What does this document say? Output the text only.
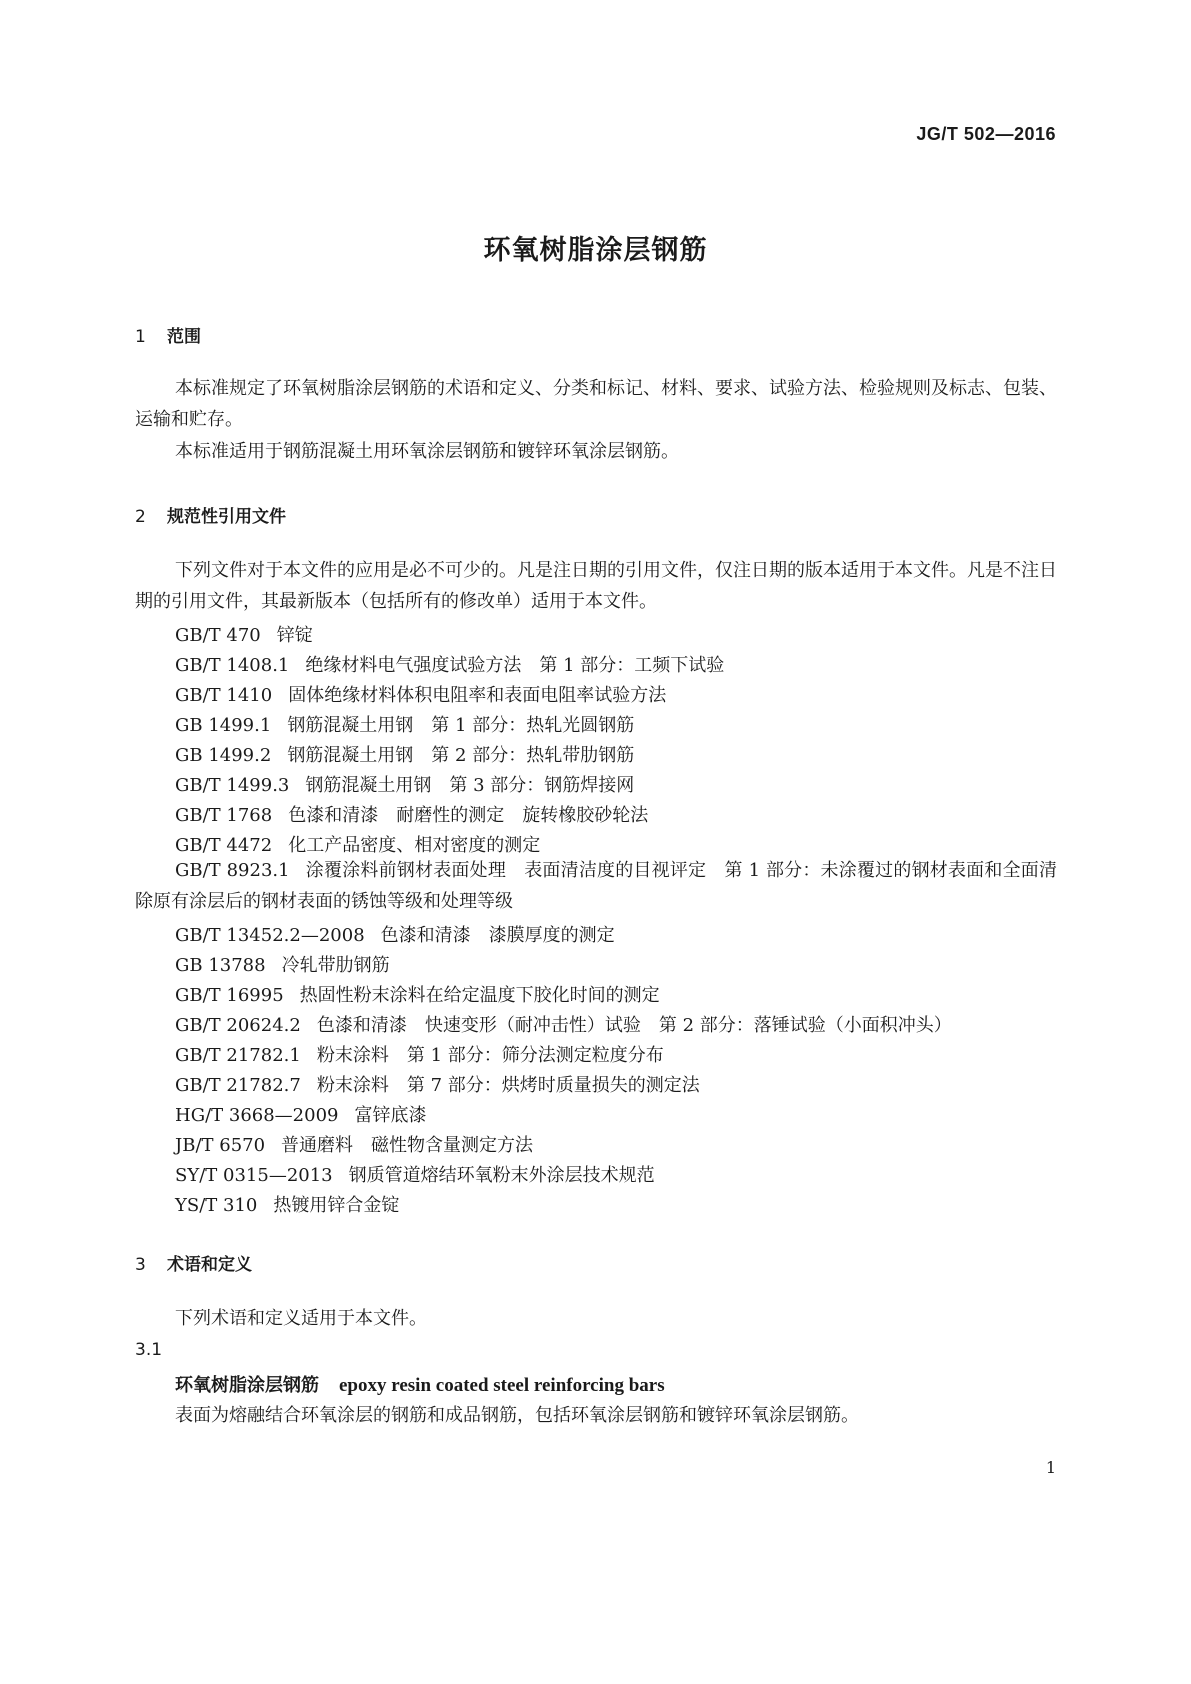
JG/T 502—2016
环氧树脂涂层钢筋
1 范围
本标准规定了环氧树脂涂层钢筋的术语和定义、分类和标记、材料、要求、试验方法、检验规则及标志、包装、运输和贮存。
本标准适用于钢筋混凝土用环氧涂层钢筋和镀锌环氧涂层钢筋。
2 规范性引用文件
下列文件对于本文件的应用是必不可少的。凡是注日期的引用文件，仅注日期的版本适用于本文件。凡是不注日期的引用文件，其最新版本（包括所有的修改单）适用于本文件。
GB/T 470 锌锭
GB/T 1408.1 绝缘材料电气强度试验方法　第 1 部分：工频下试验
GB/T 1410 固体绝缘材料体积电阻率和表面电阻率试验方法
GB 1499.1 钢筋混凝土用钢　第 1 部分：热轧光圆钢筋
GB 1499.2 钢筋混凝土用钢　第 2 部分：热轧带肋钢筋
GB/T 1499.3 钢筋混凝土用钢　第 3 部分：钢筋焊接网
GB/T 1768 色漆和清漆　耐磨性的测定　旋转橡胶砂轮法
GB/T 4472 化工产品密度、相对密度的测定
GB/T 8923.1 涂覆涂料前钢材表面处理　表面清洁度的目视评定　第 1 部分：未涂覆过的钢材表面和全面清除原有涂层后的钢材表面的锈蚀等级和处理等级
GB/T 13452.2—2008 色漆和清漆　漆膜厚度的测定
GB 13788 冷轧带肋钢筋
GB/T 16995 热固性粉末涂料在给定温度下胶化时间的测定
GB/T 20624.2 色漆和清漆　快速变形（耐冲击性）试验　第 2 部分：落锤试验（小面积冲头）
GB/T 21782.1 粉末涂料　第 1 部分：筛分法测定粒度分布
GB/T 21782.7 粉末涂料　第 7 部分：烘烤时质量损失的测定法
HG/T 3668—2009 富锌底漆
JB/T 6570 普通磨料　磁性物含量测定方法
SY/T 0315—2013 钢质管道熔结环氧粉末外涂层技术规范
YS/T 310 热镀用锌合金锭
3 术语和定义
下列术语和定义适用于本文件。
3.1
环氧树脂涂层钢筋 epoxy resin coated steel reinforcing bars
表面为熔融结合环氧涂层的钢筋和成品钢筋，包括环氧涂层钢筋和镀锌环氧涂层钢筋。
1
